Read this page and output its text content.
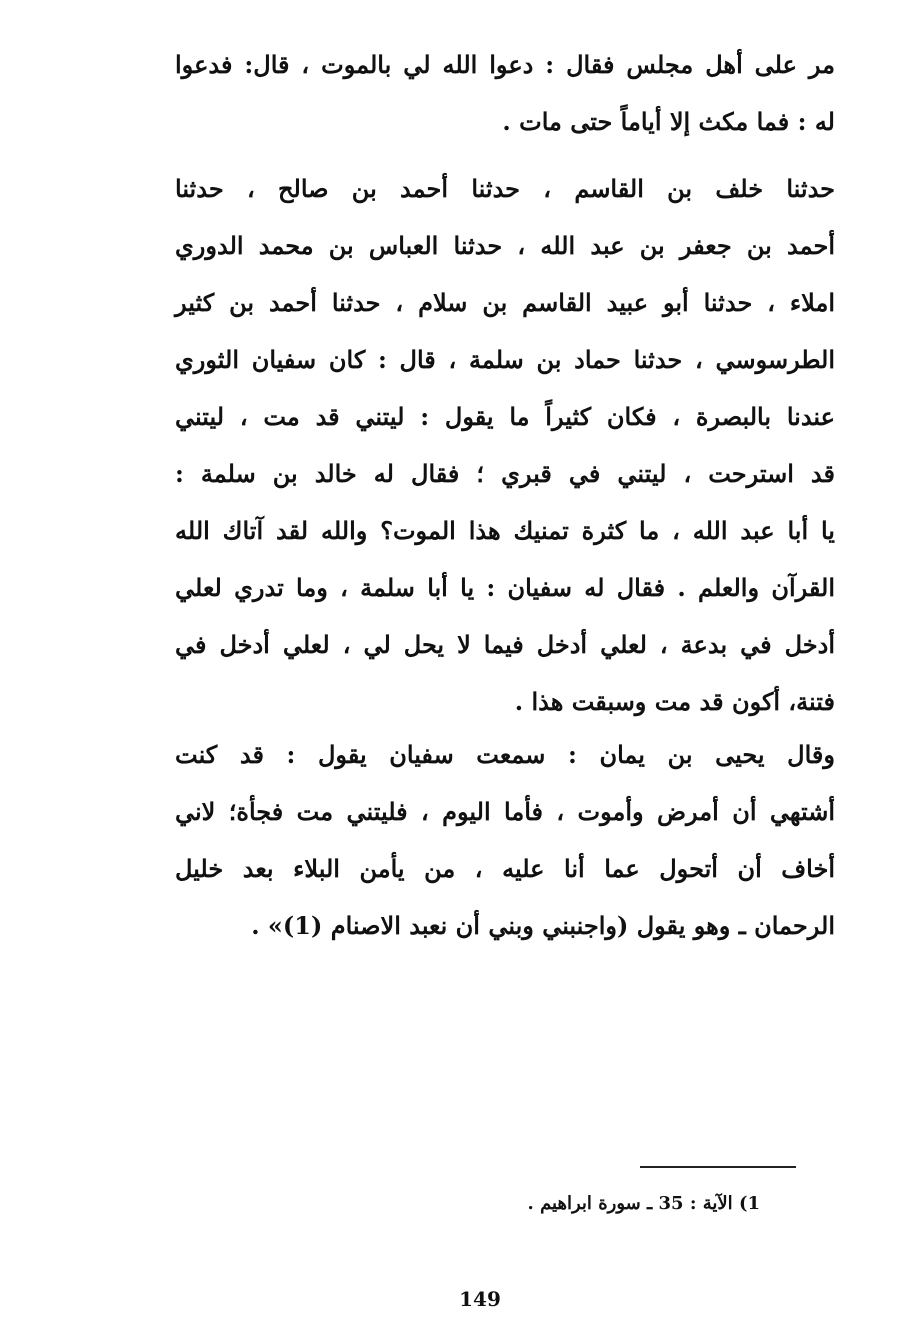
مر على أهل مجلس فقال : دعوا الله لي بالموت ، قال: فدعوا
له : فما مكث إلا أياماً حتى مات .
حدثنا خلف بن القاسم ، حدثنا أحمد بن صالح ، حدثنا
أحمد بن جعفر بن عبد الله ، حدثنا العباس بن محمد الدوري
املاء ، حدثنا أبو عبيد القاسم بن سلام ، حدثنا أحمد بن كثير
الطرسوسي ، حدثنا حماد بن سلمة ، قال : كان سفيان الثوري
عندنا بالبصرة ، فكان كثيراً ما يقول : ليتني قد مت ، ليتني
قد استرحت ، ليتني في قبري ؛ فقال له خالد بن سلمة :
يا أبا عبد الله ، ما كثرة تمنيك هذا الموت؟ والله لقد آتاك الله
القرآن والعلم . فقال له سفيان : يا أبا سلمة ، وما تدري لعلي
أدخل في بدعة ، لعلي أدخل فيما لا يحل لي ، لعلي أدخل في
فتنة، أكون قد مت وسبقت هذا .
وقال يحيى بن يمان : سمعت سفيان يقول : قد كنت
أشتهي أن أمرض وأموت ، فأما اليوم ، فليتني مت فجأة؛ لاني
أخاف أن أتحول عما أنا عليه ، من يأمن البلاء بعد خليل
الرحمان ـ وهو يقول (واجنبني وبني أن نعبد الاصنام (1)» .
1) الآية : 35 ـ سورة ابراهيم .
149
